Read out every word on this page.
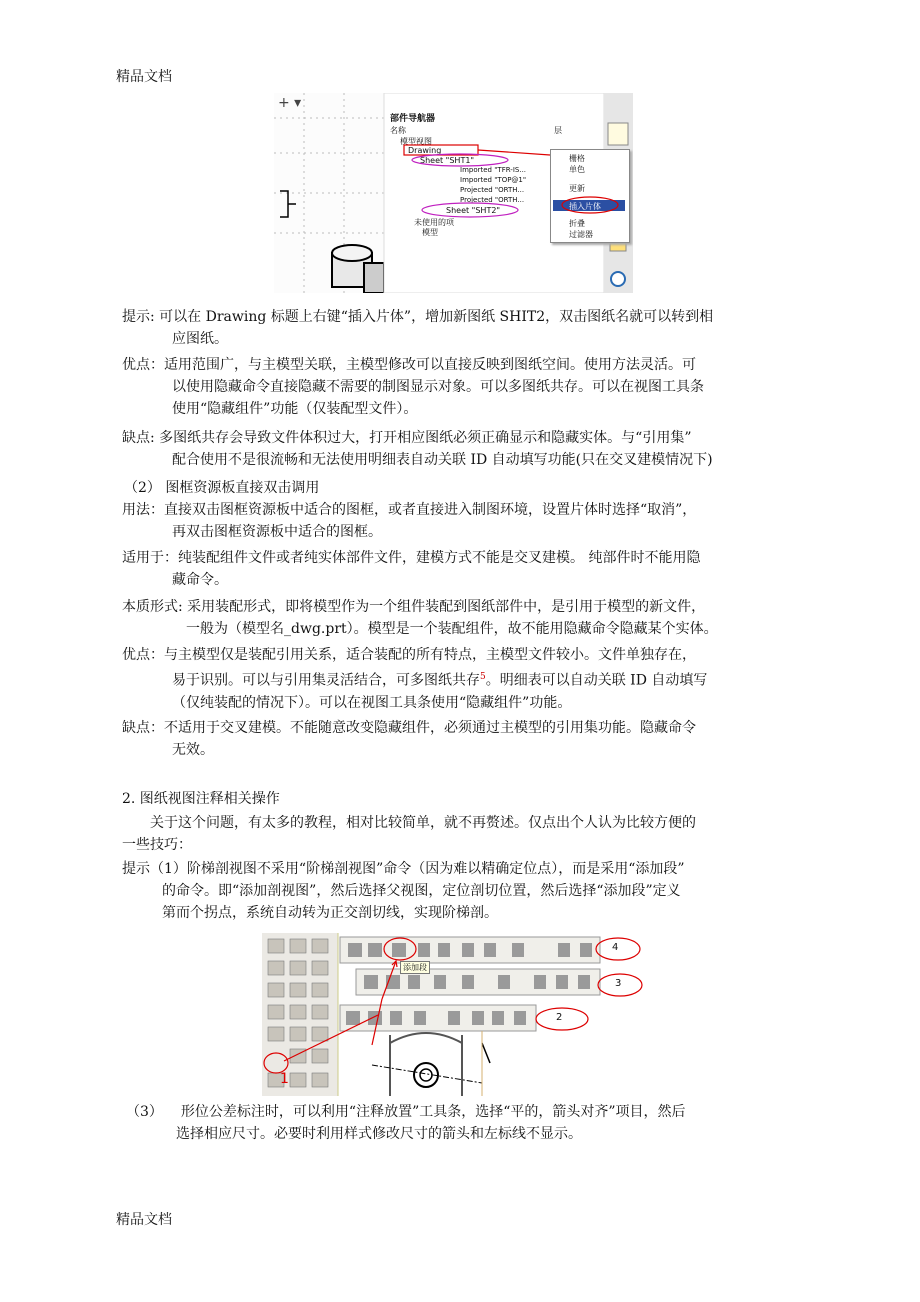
精品文档
+ ▾
部件导航器
名称	层
模型视图
Drawing
Sheet "SHT1"
Imported "TFR-IS...
Imported "TOP@1"
Projected "ORTH...
Projected "ORTH...
Sheet "SHT2"
未使用的项
模型
栅格
单色
更新
插入片体
折叠
过滤器
提示: 可以在 Drawing 标题上右键“插入片体”，增加新图纸 SHIT2，双击图纸名就可以转到相

应图纸。
优点：适用范围广，与主模型关联，主模型修改可以直接反映到图纸空间。使用方法灵活。可
以使用隐藏命令直接隐藏不需要的制图显示对象。可以多图纸共存。可以在视图工具条
使用“隐藏组件”功能（仅装配型文件）。
缺点: 多图纸共存会导致文件体积过大，打开相应图纸必须正确显示和隐藏实体。与“引用集”
配合使用不是很流畅和无法使用明细表自动关联 ID 自动填写功能(只在交叉建模情况下)
（2） 图框资源板直接双击调用
用法：直接双击图框资源板中适合的图框，或者直接进入制图环境，设置片体时选择“取消”，
再双击图框资源板中适合的图框。
适用于：纯装配组件文件或者纯实体部件文件，建模方式不能是交叉建模。 纯部件时不能用隐
藏命令。
本质形式: 采用装配形式，即将模型作为一个组件装配到图纸部件中，是引用于模型的新文件，
一般为（模型名_dwg.prt）。模型是一个装配组件，故不能用隐藏命令隐藏某个实体。
优点：与主模型仅是装配引用关系，适合装配的所有特点，主模型文件较小。文件单独存在，
易于识别。可以与引用集灵活结合，可多图纸共存$^5$。明细表可以自动关联 ID 自动填写
（仅纯装配的情况下）。可以在视图工具条使用“隐藏组件”功能。
缺点：不适用于交叉建模。不能随意改变隐藏组件，必须通过主模型的引用集功能。隐藏命令
无效。
2. 图纸视图注释相关操作
关于这个问题，有太多的教程，相对比较简单，就不再赘述。仅点出个人认为比较方便的
一些技巧：
提示（1）阶梯剖视图不采用“阶梯剖视图”命令（因为难以精确定位点），而是采用“添加段”
的命令。即“添加剖视图”，然后选择父视图，定位剖切位置，然后选择“添加段”定义
第而个拐点，系统自动转为正交剖切线，实现阶梯剖。
添加段
4
3
2
1
（3） 形位公差标注时，可以利用“注释放置”工具条，选择“平的，箭头对齐”项目，然后
选择相应尺寸。必要时利用样式修改尺寸的箭头和左标线不显示。
精品文档
